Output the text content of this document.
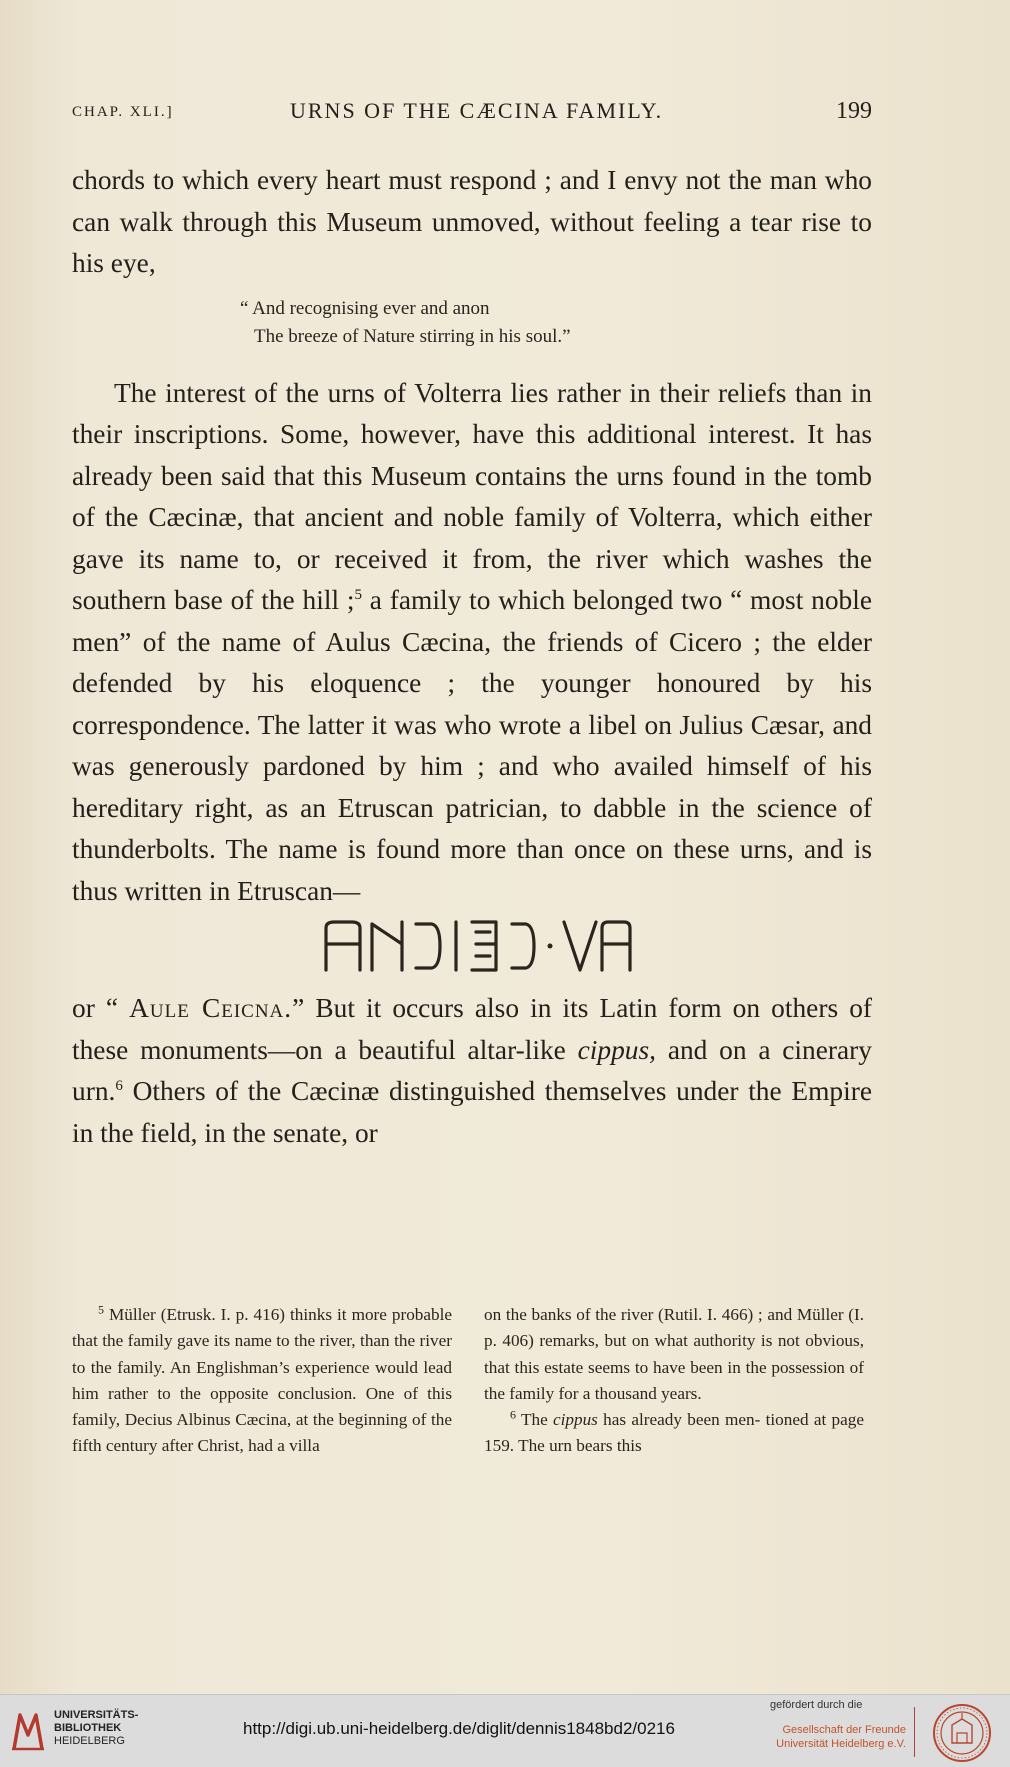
CHAP. XLI.]	URNS OF THE CÆCINA FAMILY.	199

chords to which every heart must respond ; and I envy not the man who can walk through this Museum unmoved, without feeling a tear rise to his eye,

“ And recognising ever and anon
The breeze of Nature stirring in his soul.”

The interest of the urns of Volterra lies rather in their reliefs than in their inscriptions. Some, however, have this additional interest. It has already been said that this Museum contains the urns found in the tomb of the Cæcinæ, that ancient and noble family of Volterra, which either gave its name to, or received it from, the river which washes the southern base of the hill ;$^5$ a family to which belonged two “ most noble men” of the name of Aulus Cæcina, the friends of Cicero ; the elder defended by his eloquence ; the younger honoured by his correspondence. The latter it was who wrote a libel on Julius Cæsar, and was generously pardoned by him ; and who availed himself of his hereditary right, as an Etruscan patrician, to dabble in the science of thunderbolts. The name is found more than once on these urns, and is thus written in Etruscan—

or “ Aule Ceicna.” But it occurs also in its Latin form on others of these monuments—on a beautiful altar-like cippus, and on a cinerary urn.$^6$ Others of the Cæcinæ distinguished themselves under the Empire in the field, in the senate, or

$^5$ Müller (Etrusk. I. p. 416) thinks it more probable that the family gave its name to the river, than the river to the family. An Englishman’s experience would lead him rather to the opposite conclusion. One of this family, Decius Albinus Cæcina, at the beginning of the fifth century after Christ, had a villa

on the banks of the river (Rutil. I. 466) ; and Müller (I. p. 406) remarks, but on what authority is not obvious, that this estate seems to have been in the possession of the family for a thousand years.

$^6$ The cippus has already been men- tioned at page 159. The urn bears this

UNIVERSITÄTS-
BIBLIOTHEK
HEIDELBERG
http://digi.ub.uni-heidelberg.de/diglit/dennis1848bd2/0216
gefördert durch die
Gesellschaft der Freunde
Universität Heidelberg e.V.
